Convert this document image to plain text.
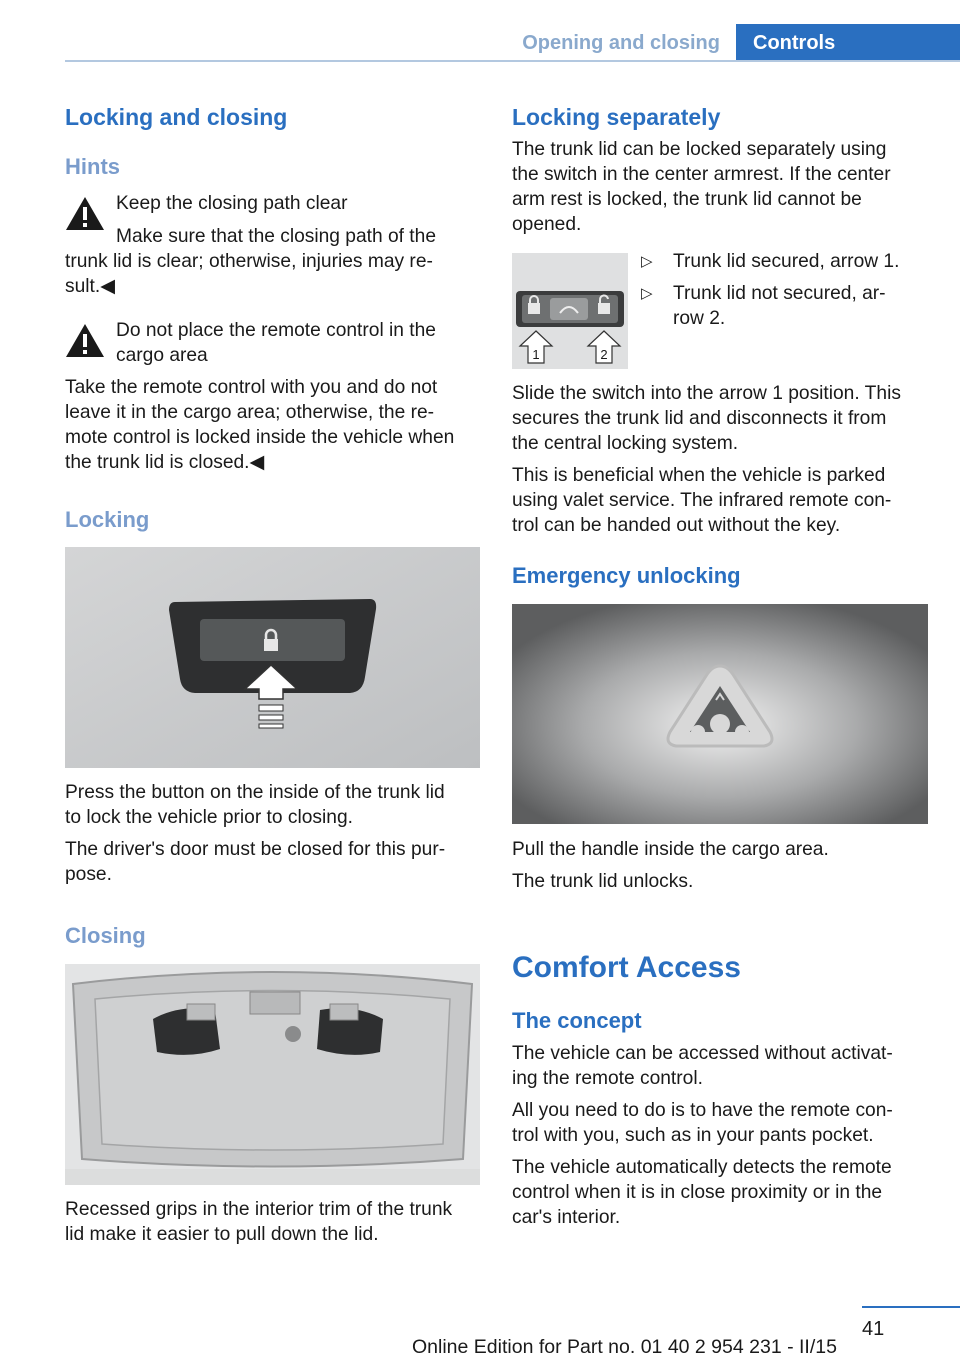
Opening and closing	Controls
Locking and closing
Hints
Keep the closing path clear
Make sure that the closing path of the
trunk lid is clear; otherwise, injuries may re-
sult.◀
Do not place the remote control in the
cargo area
Take the remote control with you and do not
leave it in the cargo area; otherwise, the re-
mote control is locked inside the vehicle when
the trunk lid is closed.◀
Locking
Press the button on the inside of the trunk lid
to lock the vehicle prior to closing.
The driver's door must be closed for this pur-
pose.
Closing
Recessed grips in the interior trim of the trunk
lid make it easier to pull down the lid.
Locking separately
The trunk lid can be locked separately using
the switch in the center armrest. If the center
arm rest is locked, the trunk lid cannot be
opened.
1	2
▷ Trunk lid secured, arrow 1.
▷ Trunk lid not secured, ar-
row 2.
Slide the switch into the arrow 1 position. This
secures the trunk lid and disconnects it from
the central locking system.
This is beneficial when the vehicle is parked
using valet service. The infrared remote con-
trol can be handed out without the key.
Emergency unlocking
Pull the handle inside the cargo area.
The trunk lid unlocks.
Comfort Access
The concept
The vehicle can be accessed without activat-
ing the remote control.
All you need to do is to have the remote con-
trol with you, such as in your pants pocket.
The vehicle automatically detects the remote
control when it is in close proximity or in the
car's interior.
41
Online Edition for Part no. 01 40 2 954 231 - II/15
